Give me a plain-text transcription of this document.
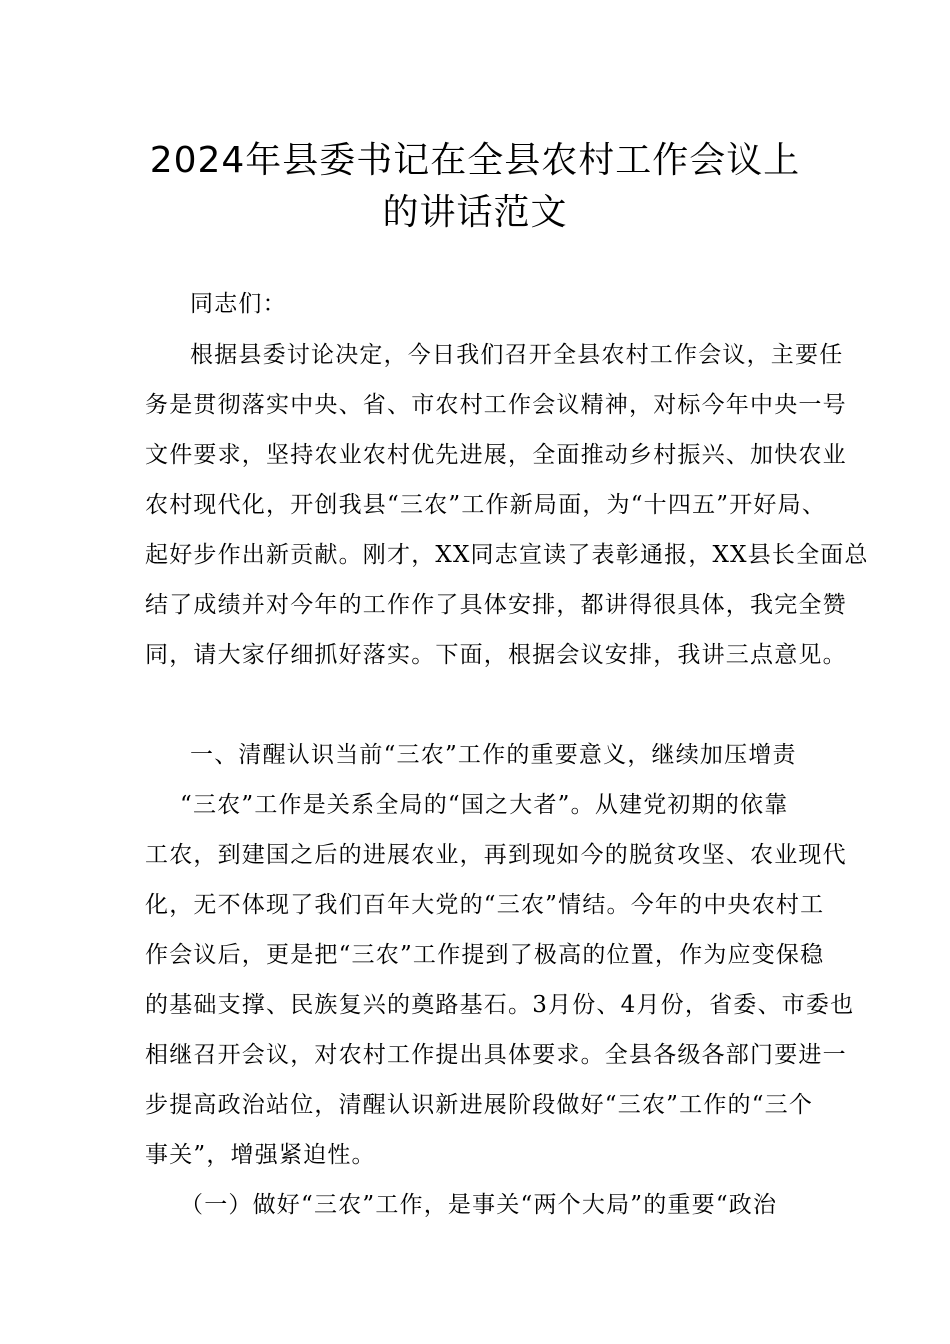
2024年县委书记在全县农村工作会议上
的讲话范文
同志们：
根据县委讨论决定，今日我们召开全县农村工作会议，主要任
务是贯彻落实中央、省、市农村工作会议精神，对标今年中央一号
文件要求，坚持农业农村优先进展，全面推动乡村振兴、加快农业
农村现代化，开创我县“三农”工作新局面，为“十四五”开好局、
起好步作出新贡献。刚才，XX同志宣读了表彰通报，XX县长全面总
结了成绩并对今年的工作作了具体安排，都讲得很具体，我完全赞
同，请大家仔细抓好落实。下面，根据会议安排，我讲三点意见。
一、清醒认识当前“三农”工作的重要意义，继续加压增责
“三农”工作是关系全局的“国之大者”。从建党初期的依靠
工农，到建国之后的进展农业，再到现如今的脱贫攻坚、农业现代
化，无不体现了我们百年大党的“三农”情结。今年的中央农村工
作会议后，更是把“三农”工作提到了极高的位置，作为应变保稳
的基础支撑、民族复兴的奠路基石。3月份、4月份，省委、市委也
相继召开会议，对农村工作提出具体要求。全县各级各部门要进一
步提高政治站位，清醒认识新进展阶段做好“三农”工作的“三个
事关”，增强紧迫性。
（一）做好“三农”工作，是事关“两个大局”的重要“政治
